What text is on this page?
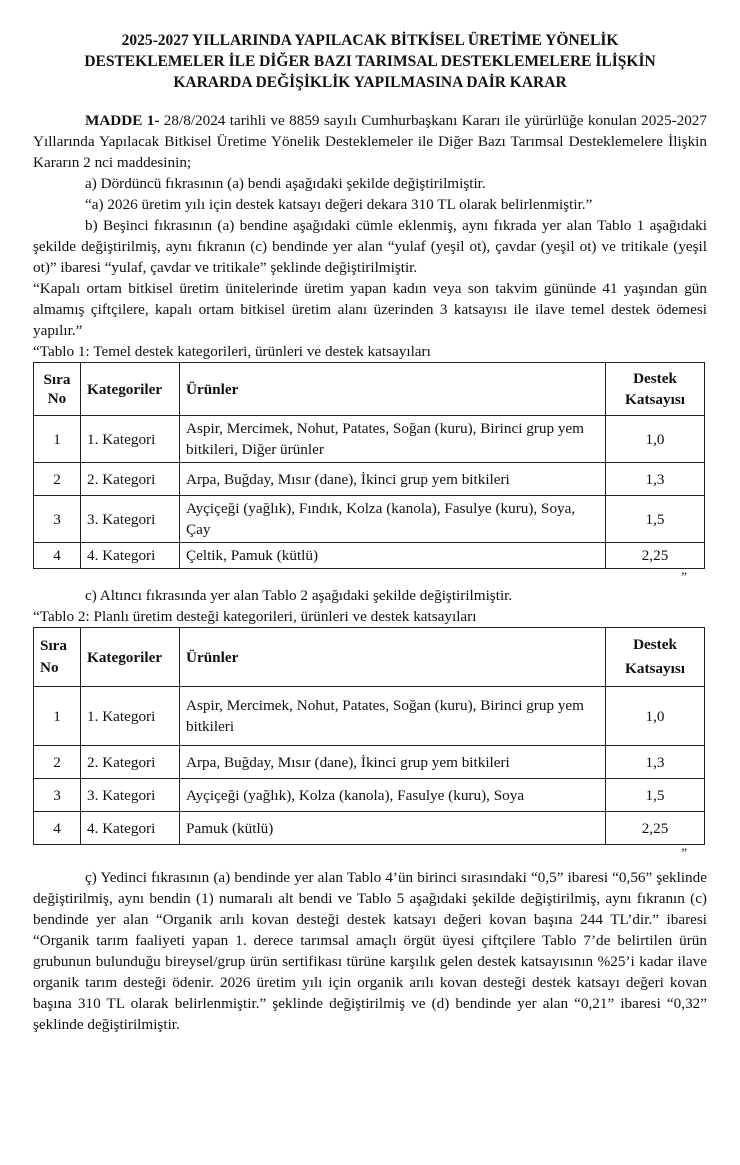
2025-2027 YILLARINDA YAPILACAK BİTKİSEL ÜRETİME YÖNELİK
DESTEKLEMELER İLE DİĞER BAZI TARIMSAL DESTEKLEMELERE İLİŞKİN
KARARDA DEĞİŞİKLİK YAPILMASINA DAİR KARAR

MADDE 1- 28/8/2024 tarihli ve 8859 sayılı Cumhurbaşkanı Kararı ile yürürlüğe konulan 2025-2027 Yıllarında Yapılacak Bitkisel Üretime Yönelik Desteklemeler ile Diğer Bazı Tarımsal Desteklemelere İlişkin Kararın 2 nci maddesinin;

a) Dördüncü fıkrasının (a) bendi aşağıdaki şekilde değiştirilmiştir.

“a) 2026 üretim yılı için destek katsayı değeri dekara 310 TL olarak belirlenmiştir.”

b) Beşinci fıkrasının (a) bendine aşağıdaki cümle eklenmiş, aynı fıkrada yer alan Tablo 1 aşağıdaki şekilde değiştirilmiş, aynı fıkranın (c) bendinde yer alan “yulaf (yeşil ot), çavdar (yeşil ot) ve tritikale (yeşil ot)” ibaresi “yulaf, çavdar ve tritikale” şeklinde değiştirilmiştir.

“Kapalı ortam bitkisel üretim ünitelerinde üretim yapan kadın veya son takvim gününde 41 yaşından gün almamış çiftçilere, kapalı ortam bitkisel üretim alanı üzerinden 3 katsayısı ile ilave temel destek ödemesi yapılır.”

“Tablo 1: Temel destek kategorileri, ürünleri ve destek katsayıları

Sıra No	Kategoriler	Ürünler	Destek Katsayısı
1	1. Kategori	Aspir, Mercimek, Nohut, Patates, Soğan (kuru), Birinci grup yem bitkileri, Diğer ürünler	1,0
2	2. Kategori	Arpa, Buğday, Mısır (dane), İkinci grup yem bitkileri	1,3
3	3. Kategori	Ayçiçeği (yağlık), Fındık, Kolza (kanola), Fasulye (kuru), Soya, Çay	1,5
4	4. Kategori	Çeltik, Pamuk (kütlü)	2,25
”

c) Altıncı fıkrasında yer alan Tablo 2 aşağıdaki şekilde değiştirilmiştir.

“Tablo 2: Planlı üretim desteği kategorileri, ürünleri ve destek katsayıları

Sıra No	Kategoriler	Ürünler	Destek Katsayısı
1	1. Kategori	Aspir, Mercimek, Nohut, Patates, Soğan (kuru), Birinci grup yem bitkileri	1,0
2	2. Kategori	Arpa, Buğday, Mısır (dane), İkinci grup yem bitkileri	1,3
3	3. Kategori	Ayçiçeği (yağlık), Kolza (kanola), Fasulye (kuru), Soya	1,5
4	4. Kategori	Pamuk (kütlü)	2,25
”

ç) Yedinci fıkrasının (a) bendinde yer alan Tablo 4’ün birinci sırasındaki “0,5” ibaresi “0,56” şeklinde değiştirilmiş, aynı bendin (1) numaralı alt bendi ve Tablo 5 aşağıdaki şekilde değiştirilmiş, aynı fıkranın (c) bendinde yer alan “Organik arılı kovan desteği destek katsayı değeri kovan başına 244 TL’dir.” ibaresi “Organik tarım faaliyeti yapan 1. derece tarımsal amaçlı örgüt üyesi çiftçilere Tablo 7’de belirtilen ürün grubunun bulunduğu bireysel/grup ürün sertifikası türüne karşılık gelen destek katsayısının %25’i kadar ilave organik tarım desteği ödenir. 2026 üretim yılı için organik arılı kovan desteği destek katsayı değeri kovan başına 310 TL olarak belirlenmiştir.” şeklinde değiştirilmiş ve (d) bendinde yer alan “0,21” ibaresi “0,32” şeklinde değiştirilmiştir.
